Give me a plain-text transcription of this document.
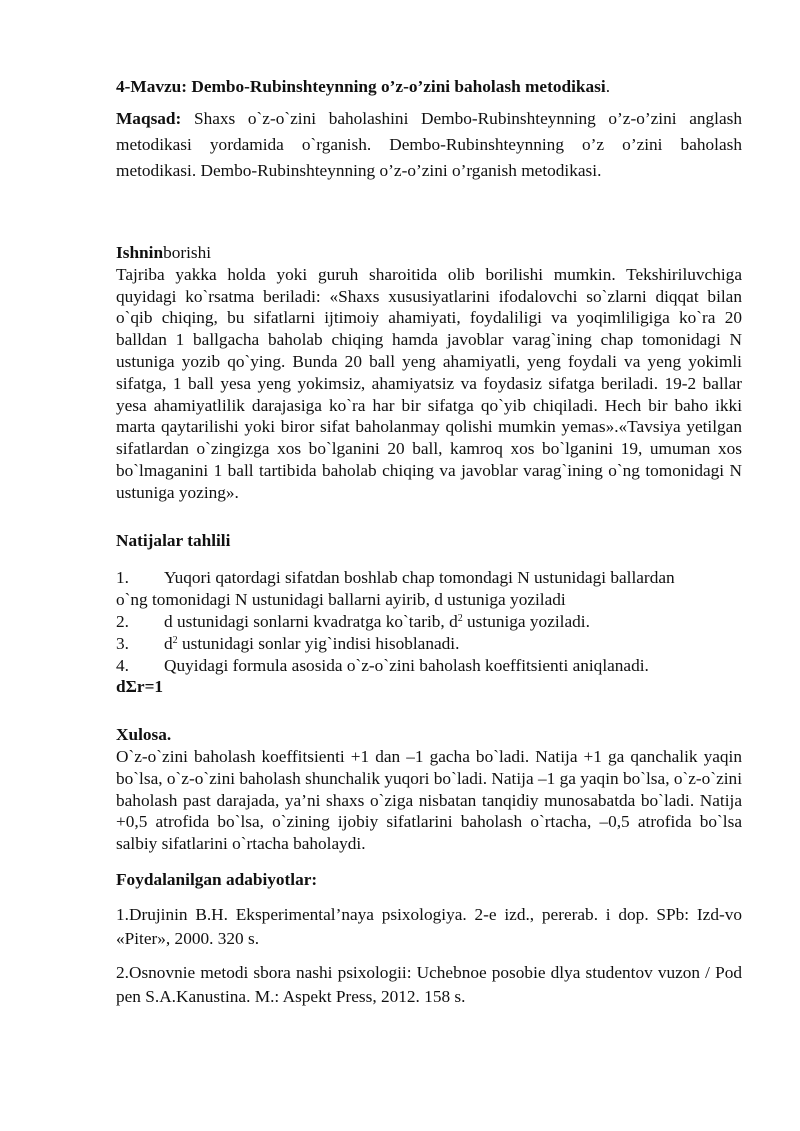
4-Mavzu: Dembo-Rubinshteynning o’z-o’zini baholash metodikasi.

Maqsad: Shaxs o`z-o`zini baholashini Dembo-Rubinshteynning o’z-o’zini anglash metodikasi yordamida o`rganish. Dembo-Rubinshteynning o’z o’zini baholash metodikasi. Dembo-Rubinshteynning o’z-o’zini o’rganish metodikasi.

Ishninborishi

Tajriba yakka holda yoki guruh sharoitida olib borilishi mumkin. Tekshiriluvchiga quyidagi ko`rsatma beriladi: «Shaxs xususiyatlarini ifodalovchi so`zlarni diqqat bilan o`qib chiqing, bu sifatlarni ijtimoiy ahamiyati, foydaliligi va yoqimliligiga ko`ra 20 balldan 1 ballgacha baholab chiqing hamda javoblar varag`ining chap tomonidagi N ustuniga yozib qo`ying. Bunda 20 ball yeng ahamiyatli, yeng foydali va yeng yokimli sifatga, 1 ball yesa yeng yokimsiz, ahamiyatsiz va foydasiz sifatga beriladi. 19-2 ballar yesa ahamiyatlilik darajasiga ko`ra har bir sifatga qo`yib chiqiladi. Hech bir baho ikki marta qaytarilishi yoki biror sifat baholanmay qolishi mumkin yemas».«Tavsiya yetilgan sifatlardan o`zingizga xos bo`lganini 20 ball, kamroq xos bo`lganini 19, umuman xos bo`lmaganini 1 ball tartibida baholab chiqing va javoblar varag`ining o`ng tomonidagi N ustuniga yozing».

Natijalar tahlili

1.	Yuqori qatordagi sifatdan boshlab chap tomondagi N ustunidagi ballardan

o`ng tomonidagi N ustunidagi ballarni ayirib, d ustuniga yoziladi

2.	d ustunidagi sonlarni kvadratga ko`tarib, $d^2$ ustuniga yoziladi.
3.	$d^2$ ustunidagi sonlar yig`indisi hisoblanadi.
4.	Quyidagi formula asosida o`z-o`zini baholash koeffitsienti aniqlanadi.

dΣr=1

Xulosa.

O`z-o`zini baholash koeffitsienti +1 dan –1 gacha bo`ladi. Natija +1 ga qanchalik yaqin bo`lsa, o`z-o`zini baholash shunchalik yuqori bo`ladi. Natija –1 ga yaqin bo`lsa, o`z-o`zini baholash past darajada, ya’ni shaxs o`ziga nisbatan tanqidiy munosabatda bo`ladi. Natija +0,5 atrofida bo`lsa, o`zining ijobiy sifatlarini baholash o`rtacha, –0,5 atrofida bo`lsa salbiy sifatlarini o`rtacha baholaydi.

Foydalanilgan adabiyotlar:

1.Drujinin B.H. Eksperimental’naya psixologiya. 2-e izd., pererab. i dop. SPb: Izd-vo «Piter», 2000. 320 s.

2.Osnovnie metodi sbora nashi psixologii: Uchebnoe posobie dlya studentov vuzon / Pod pen S.A.Kanustina. M.: Aspekt Press, 2012. 158 s.
